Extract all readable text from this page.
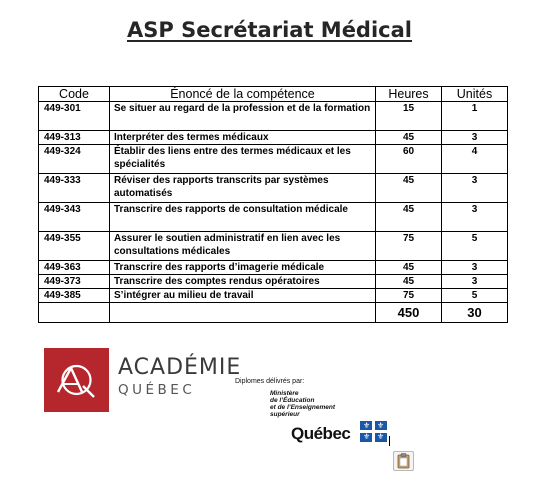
ASP Secrétariat Médical
Code	Énoncé de la compétence	Heures	Unités
449-301	Se situer au regard de la profession et de la formation	15	1
449-313	Interpréter des termes médicaux	45	3
449-324	Établir des liens entre des termes médicaux et les spécialités	60	4
449-333	Réviser des rapports transcrits par systèmes automatisés	45	3
449-343	Transcrire des rapports de consultation médicale	45	3
449-355	Assurer le soutien administratif en lien avec les consultations médicales	75	5
449-363	Transcrire des rapports d’imagerie médicale	45	3
449-373	Transcrire des comptes rendus opératoires	45	3
449-385	S’intégrer au milieu de travail	75	5
		450	30
ACADÉMIE
QUÉBEC
Diplomes délivrés par:
Ministère
de l’Éducation
et de l’Enseignement
supérieur
Québec ⚜ ⚜
⚜ ⚜
